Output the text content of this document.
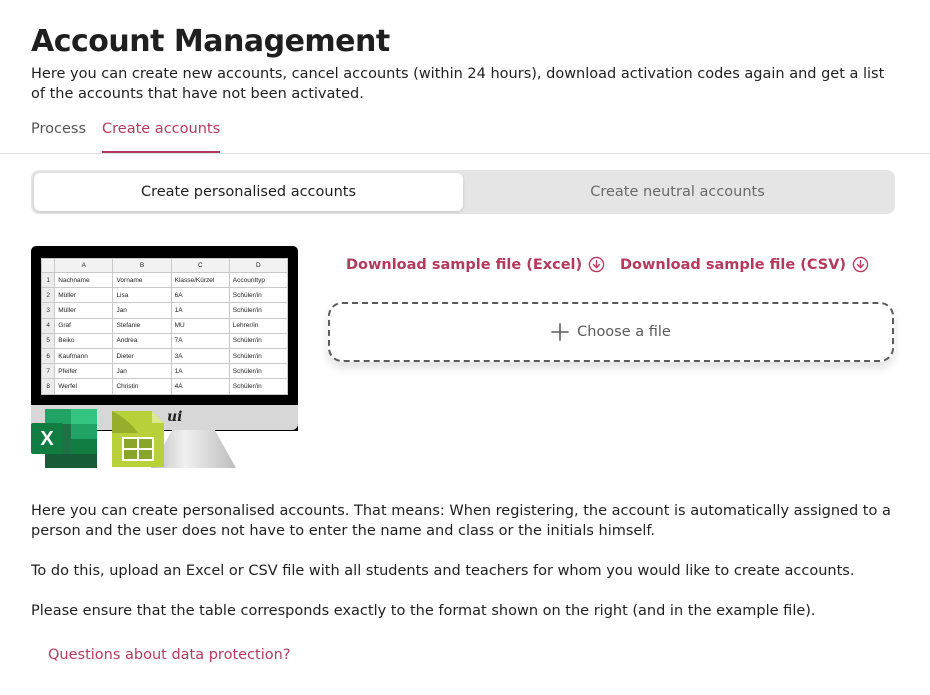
Account Management

Here you can create new accounts, cancel accounts (within 24 hours), download activation codes again and get a list of the accounts that have not been activated.

Process Create accounts
Create personalised accounts	Create neutral accounts
	A	B	C	D
1	Nachname	Vorname	Klasse/Kürzel	Accounttyp
2	Müller	Lisa	6A	Schüler/in
3	Müller	Jan	1A	Schüler/in
4	Graf	Stefanie	MU	Lehrer/in
5	Beiko	Andrea	7A	Schüler/in
6	Kaufmann	Dieter	3A	Schüler/in
7	Pfeifer	Jan	1A	Schüler/in
8	Werfel	Christin	4A	Schüler/in
X
ui
Download sample file (Excel)	Download sample file (CSV)
Choose a file

Here you can create personalised accounts. That means: When registering, the account is automatically assigned to a person and the user does not have to enter the name and class or the initials himself.

To do this, upload an Excel or CSV file with all students and teachers for whom you would like to create accounts.

Please ensure that the table corresponds exactly to the format shown on the right (and in the example file).

Questions about data protection?
